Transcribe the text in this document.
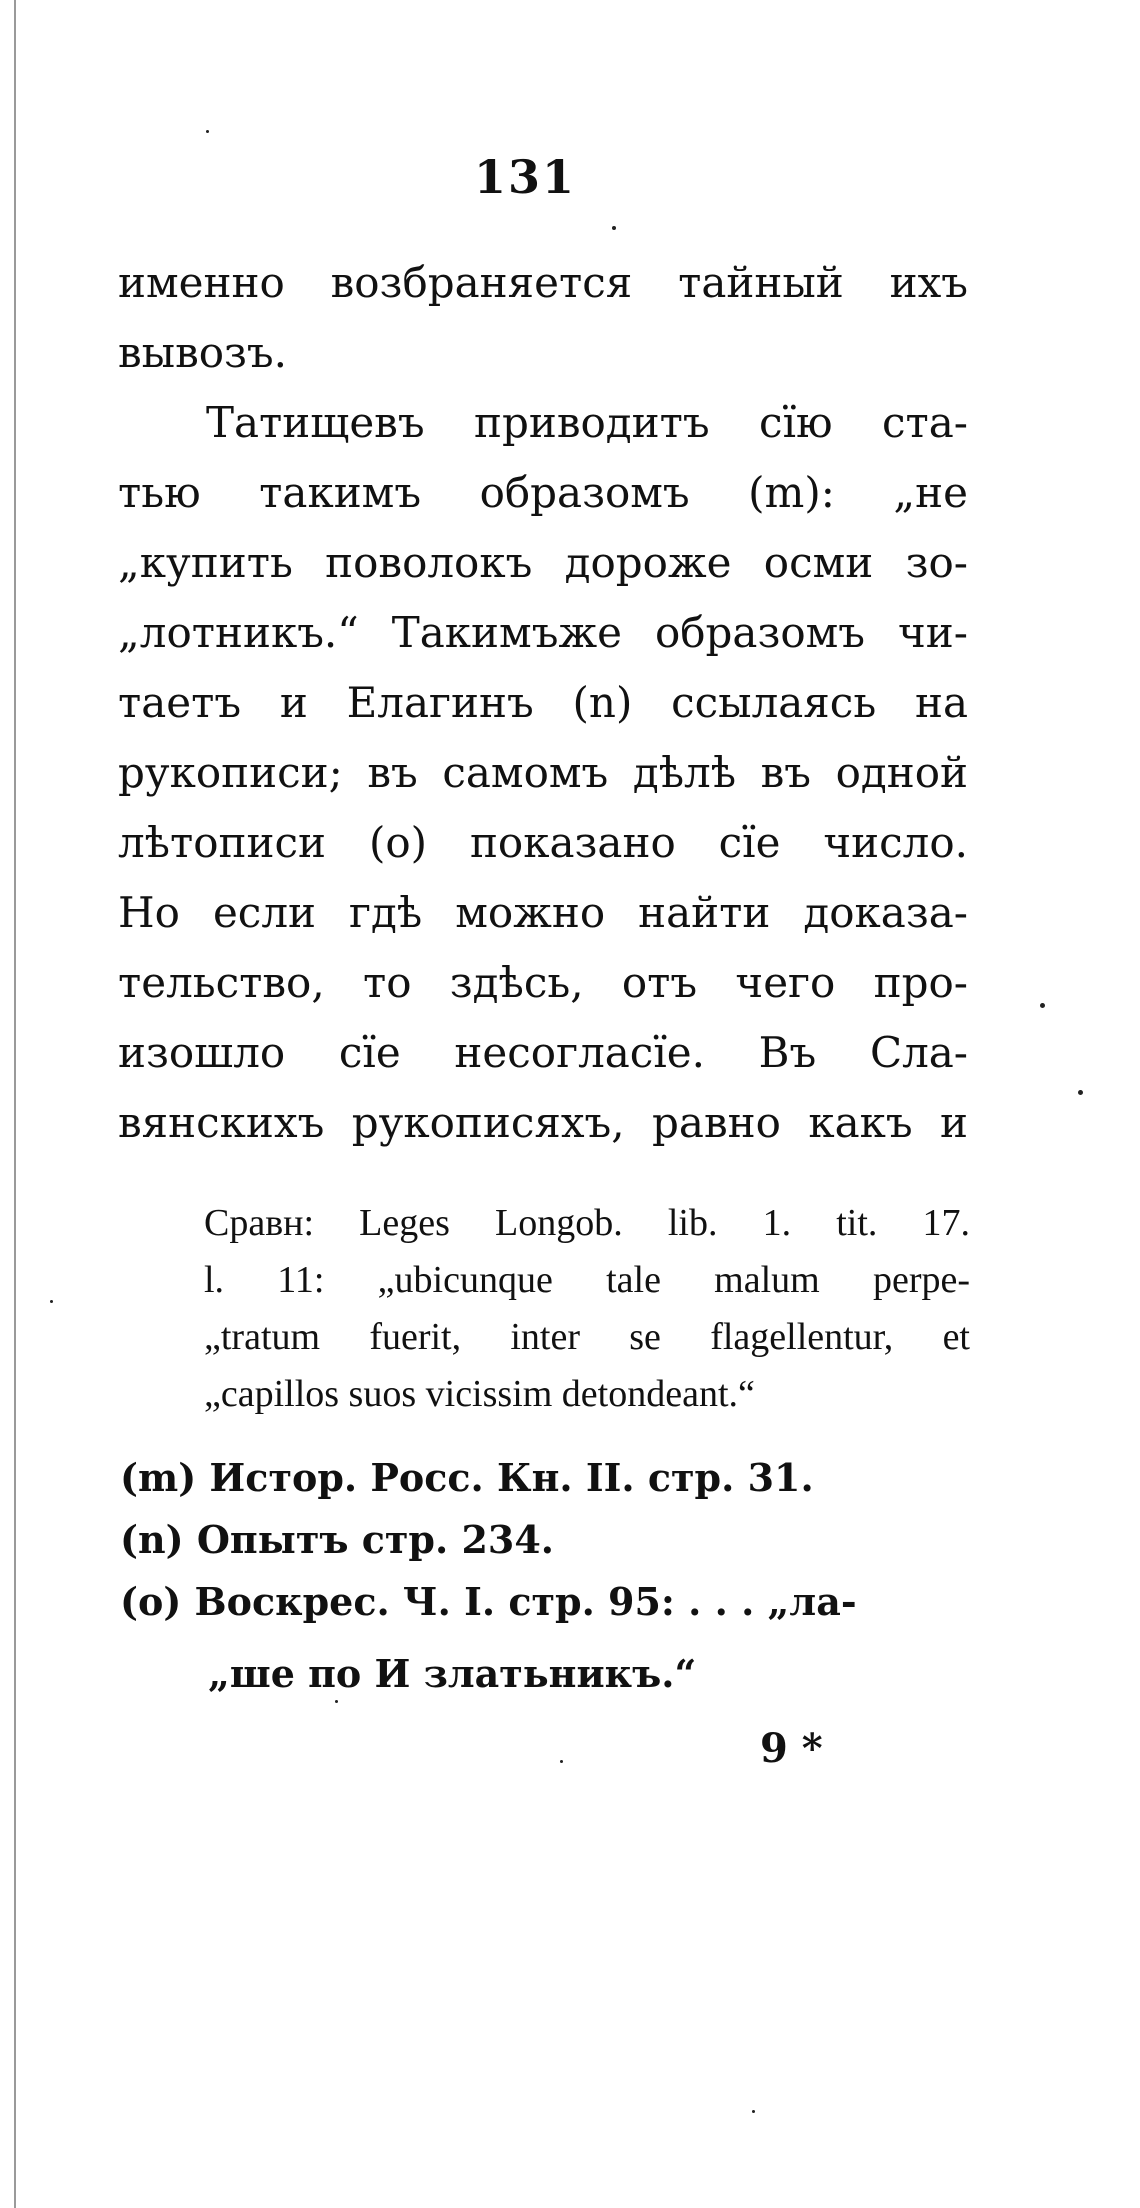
131
именно возбраняется тайный ихъ
вывозъ.
Татищевъ приводитъ сїю ста-
тью такимъ образомъ (m): „не
„купить поволокъ дороже осми зо-
„лотникъ.“ Такимъже образомъ чи-
таетъ и Елагинъ (n) ссылаясь на
рукописи; въ самомъ дѣлѣ въ одной
лѣтописи (o) показано сїе число.
Но если гдѣ можно найти доказа-
тельство, то здѣсь, отъ чего про-
изошло сїе несогласїе. Въ Сла-
вянскихъ рукописяхъ, равно какъ и
Сравн: Leges Longob. lib. 1. tit. 17.
l. 11: „ubicunque tale malum perpe-
„tratum fuerit, inter se flagellentur, et
„capillos suos vicissim detondeant.“
(m) Истор. Росс. Кн. II. стр. 31.
(n) Опытъ стр. 234.
(o) Воскрес. Ч. I. стр. 95: . . . „ла-
„ше по И златьникъ.“
9 *
